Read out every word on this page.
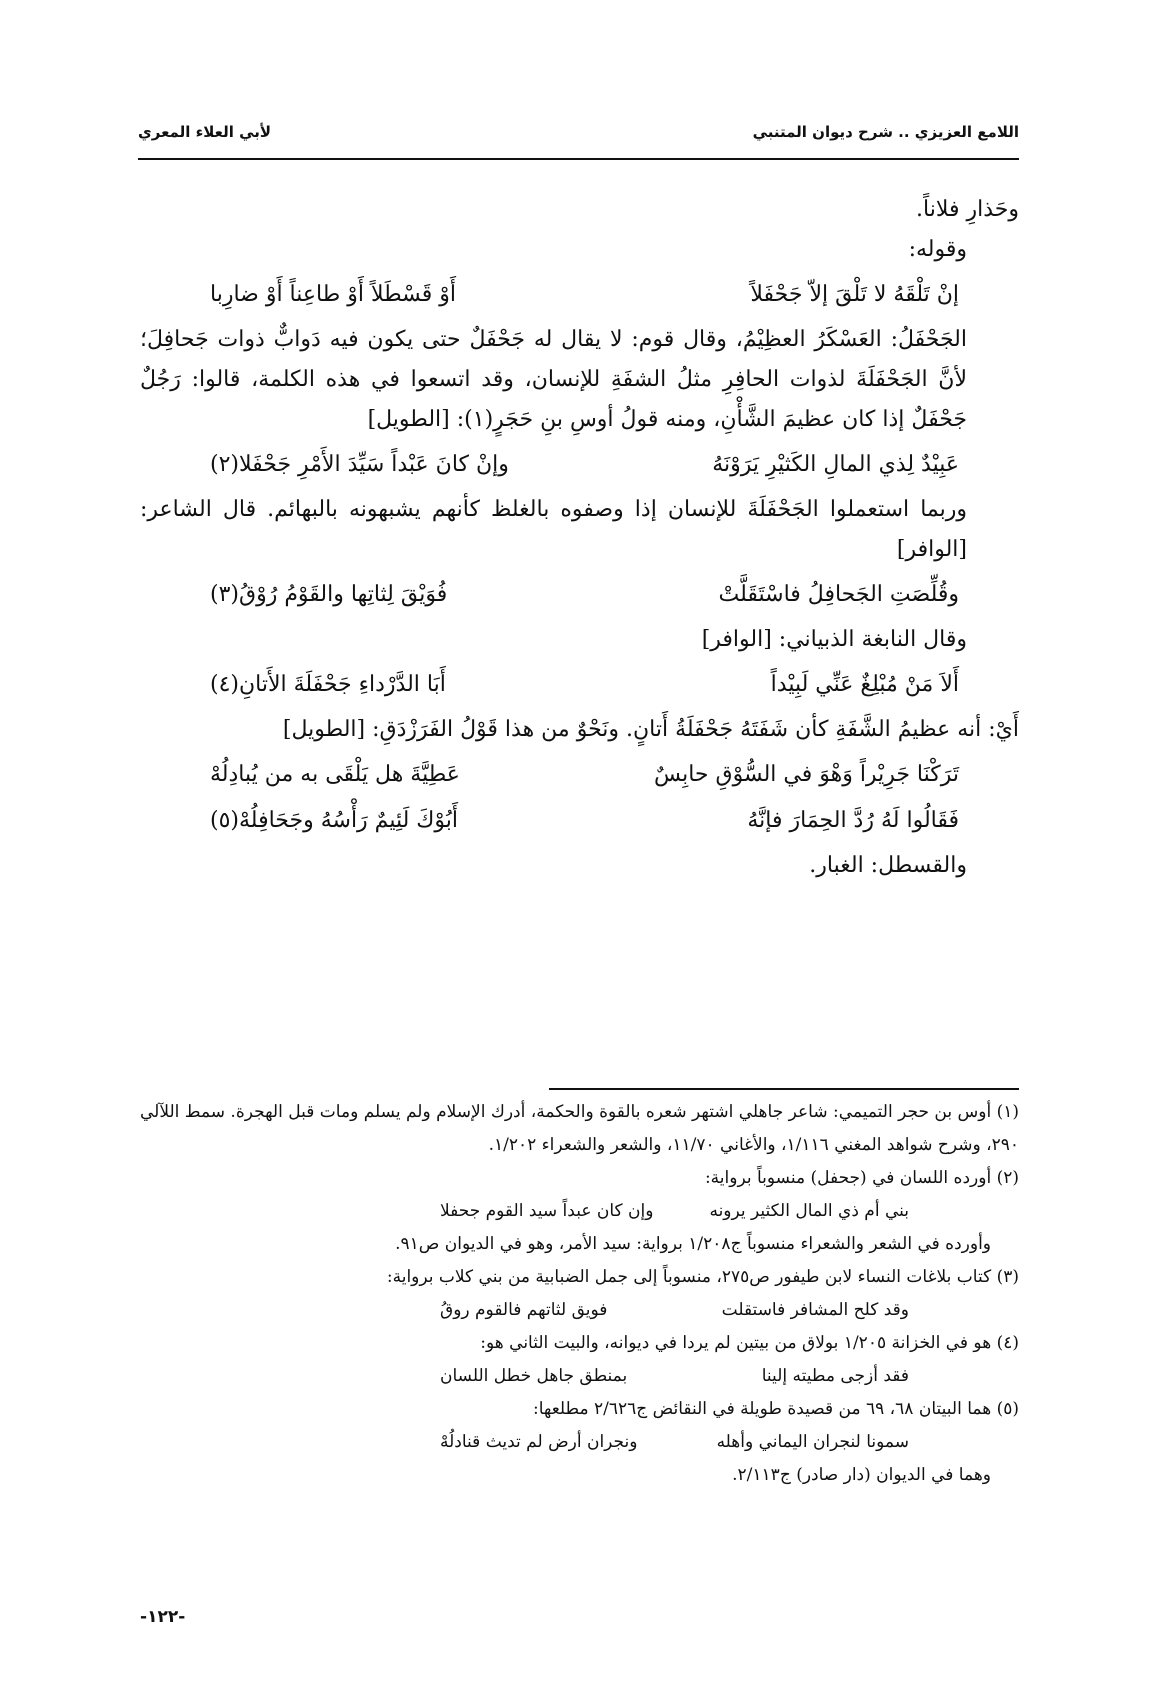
اللامع العزيزي .. شرح ديوان المتنبي
لأبي العلاء المعري

وحَذارِ فلاناً.

وقوله:

إنْ تَلْقَهُ لا تَلْقَ إلاّ جَحْفَلاً
أَوْ قَسْطَلاً أَوْ طاعِناً أَوْ ضارِبا

الجَحْفَلُ: العَسْكَرُ العظِيْمُ، وقال قوم: لا يقال له جَحْفَلٌ حتى يكون فيه دَوابٌّ ذوات جَحافِلَ؛ لأنَّ الجَحْفَلَةَ لذوات الحافِرِ مثلُ الشفَةِ للإنسان، وقد اتسعوا في هذه الكلمة، قالوا: رَجُلٌ جَحْفَلٌ إذا كان عظيمَ الشَّأْنِ، ومنه قولُ أوسِ بنِ حَجَرٍ(١): [الطويل]

عَبِيْدٌ لِذي المالِ الكَثيْرِ يَرَوْنَهُ
وإنْ كانَ عَبْداً سَيِّدَ الأَمْرِ جَحْفَلا(٢)

وربما استعملوا الجَحْفَلَةَ للإنسان إذا وصفوه بالغلظ كأنهم يشبهونه بالبهائم. قال الشاعر: [الوافر]

وقُلِّصَتِ الجَحافِلُ فاسْتَقَلَّتْ
فُوَيْقَ لِثاتِها والقَوْمُ رُوْقُ(٣)

وقال النابغة الذبياني: [الوافر]

أَلاَ مَنْ مُبْلِغٌ عَنِّي لَبِيْداً
أَبَا الدَّرْداءِ جَحْفَلَةَ الأَتانِ(٤)

أَيْ: أنه عظيمُ الشَّفَةِ كأن شَفَتَهُ جَحْفَلَةُ أَتانٍ. ونَحْوٌ من هذا قَوْلُ الفَرَزْدَقِ: [الطويل]

تَرَكْنَا جَرِيْراً وَهْوَ في السُّوْقِ حابِسٌ
عَطِيَّةَ هل يَلْقَى به من يُبادِلُهْ
فَقَالُوا لَهُ رُدَّ الحِمَارَ فإنَّهُ
أَبُوْكَ لَئِيمٌ رَأْسُهُ وجَحَافِلُهْ(٥)

والقسطل: الغبار.

(١) أوس بن حجر التميمي: شاعر جاهلي اشتهر شعره بالقوة والحكمة، أدرك الإسلام ولم يسلم ومات قبل الهجرة. سمط اللآلي ٢٩٠، وشرح شواهد المغني ١/١١٦، والأغاني ١١/٧٠، والشعر والشعراء ١/٢٠٢.

(٢) أورده اللسان في (جحفل) منسوباً برواية:

بني أم ذي المال الكثير يرونه
وإن كان عبداً سيد القوم جحفلا

وأورده في الشعر والشعراء منسوباً ج١/٢٠٨ برواية: سيد الأمر، وهو في الديوان ص٩١.

(٣) كتاب بلاغات النساء لابن طيفور ص٢٧٥، منسوباً إلى جمل الضبابية من بني كلاب برواية:

وقد كلح المشافر فاستقلت
فويق لثاتهم فالقوم روقُ

(٤) هو في الخزانة ١/٢٠٥ بولاق من بيتين لم يردا في ديوانه، والبيت الثاني هو:

فقد أزجى مطيته إلينا
بمنطق جاهل خطل اللسان

(٥) هما البيتان ٦٨، ٦٩ من قصيدة طويلة في النقائض ج٢/٦٢٦ مطلعها:

سمونا لنجران اليماني وأهله
ونجران أرض لم تديث قنادلُهْ

وهما في الديوان (دار صادر) ج٢/١١٣.

-١٢٢-
